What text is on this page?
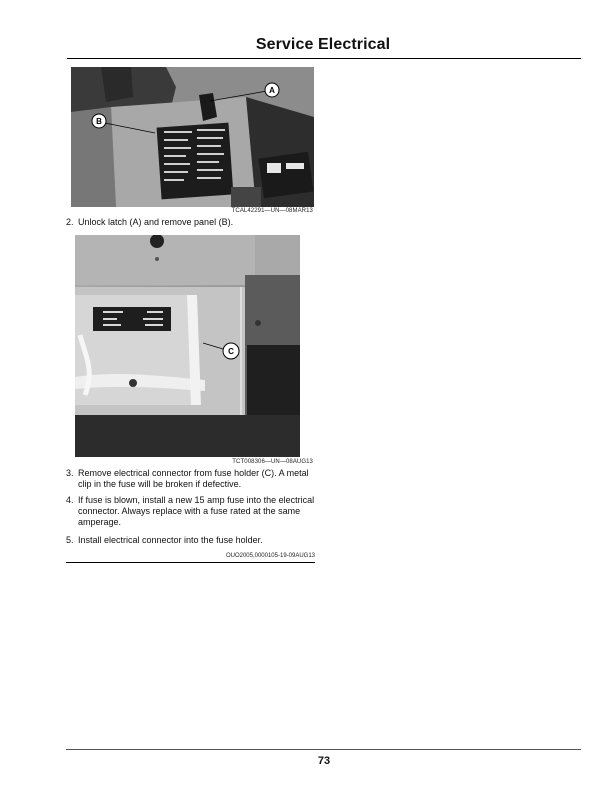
Service Electrical
A
B
TCAL42291—UN—08MAR13
2. Unlock latch (A) and remove panel (B).
C
TCT008306—UN—08AUG13
3. Remove electrical connector from fuse holder (C). A metal clip in the fuse will be broken if defective.
4. If fuse is blown, install a new 15 amp fuse into the electrical connector. Always replace with a fuse rated at the same amperage.
5. Install electrical connector into the fuse holder.
OUO2005,0000105-19-09AUG13
73
